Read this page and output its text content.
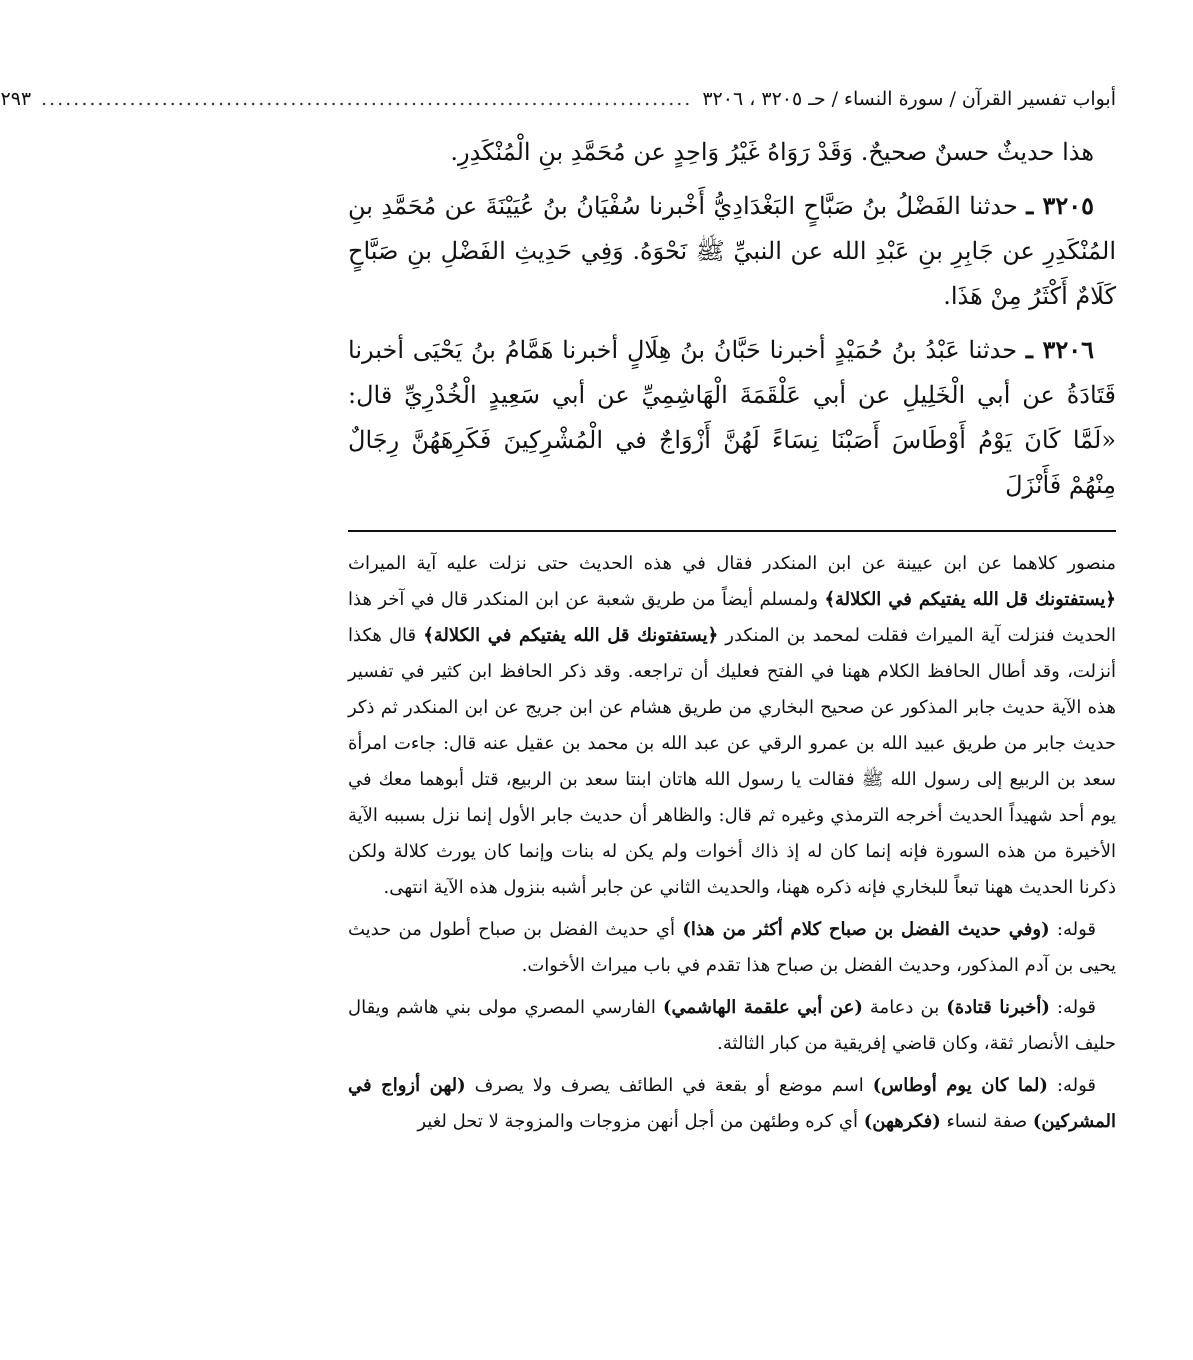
أبواب تفسير القرآن / سورة النساء / حـ ٣٢٠٥ ، ٣٢٠٦
.................................................................................
٢٩٣

هذا حديثٌ حسنٌ صحيحٌ. وَقَدْ رَوَاهُ غَيْرُ وَاحِدٍ عن مُحَمَّدِ بنِ الْمُنْكَدِرِ.

٣٢٠٥ ـ حدثنا الفَضْلُ بنُ صَبَّاحٍ البَغْدَادِيُّ أَخْبرنا سُفْيَانُ بنُ عُيَيْنَةَ عن مُحَمَّدِ بنِ المُنْكَدِرِ عن جَابِرِ بنِ عَبْدِ الله عن النبيِّ ﷺ نَحْوَهُ. وَفِي حَدِيثِ الفَضْلِ بنِ صَبَّاحٍ كَلَامٌ أَكْثَرُ مِنْ هَذَا.

٣٢٠٦ ـ حدثنا عَبْدُ بنُ حُمَيْدٍ أخبرنا حَبَّانُ بنُ هِلَالٍ أخبرنا هَمَّامُ بنُ يَحْيَى أخبرنا قَتَادَةُ عن أبي الْخَلِيلِ عن أبي عَلْقَمَةَ الْهَاشِمِيِّ عن أبي سَعِيدٍ الْخُدْرِيِّ قال: «لَمَّا كَانَ يَوْمُ أَوْطَاسَ أَصَبْنَا نِسَاءً لَهُنَّ أَزْوَاجٌ في الْمُشْرِكِينَ فَكَرِهَهُنَّ رِجَالٌ مِنْهُمْ فَأَنْزَلَ

منصور كلاهما عن ابن عيينة عن ابن المنكدر فقال في هذه الحديث حتى نزلت عليه آية الميراث ﴿يستفتونك قل الله يفتيكم في الكلالة﴾ ولمسلم أيضاً من طريق شعبة عن ابن المنكدر قال في آخر هذا الحديث فنزلت آية الميراث فقلت لمحمد بن المنكدر ﴿يستفتونك قل الله يفتيكم في الكلالة﴾ قال هكذا أنزلت، وقد أطال الحافظ الكلام ههنا في الفتح فعليك أن تراجعه. وقد ذكر الحافظ ابن كثير في تفسير هذه الآية حديث جابر المذكور عن صحيح البخاري من طريق هشام عن ابن جريج عن ابن المنكدر ثم ذكر حديث جابر من طريق عبيد الله بن عمرو الرقي عن عبد الله بن محمد بن عقيل عنه قال: جاءت امرأة سعد بن الربيع إلى رسول الله ﷺ فقالت يا رسول الله هاتان ابنتا سعد بن الربيع، قتل أبوهما معك في يوم أحد شهيداً الحديث أخرجه الترمذي وغيره ثم قال: والظاهر أن حديث جابر الأول إنما نزل بسببه الآية الأخيرة من هذه السورة فإنه إنما كان له إذ ذاك أخوات ولم يكن له بنات وإنما كان يورث كلالة ولكن ذكرنا الحديث ههنا تبعاً للبخاري فإنه ذكره ههنا، والحديث الثاني عن جابر أشبه بنزول هذه الآية انتهى.

قوله: (وفي حديث الفضل بن صباح كلام أكثر من هذا) أي حديث الفضل بن صباح أطول من حديث يحيى بن آدم المذكور، وحديث الفضل بن صباح هذا تقدم في باب ميراث الأخوات.

قوله: (أخبرنا قتادة) بن دعامة (عن أبي علقمة الهاشمي) الفارسي المصري مولى بني هاشم ويقال حليف الأنصار ثقة، وكان قاضي إفريقية من كبار الثالثة.

قوله: (لما كان يوم أوطاس) اسم موضع أو بقعة في الطائف يصرف ولا يصرف (لهن أزواج في المشركين) صفة لنساء (فكرههن) أي كره وطئهن من أجل أنهن مزوجات والمزوجة لا تحل لغير
